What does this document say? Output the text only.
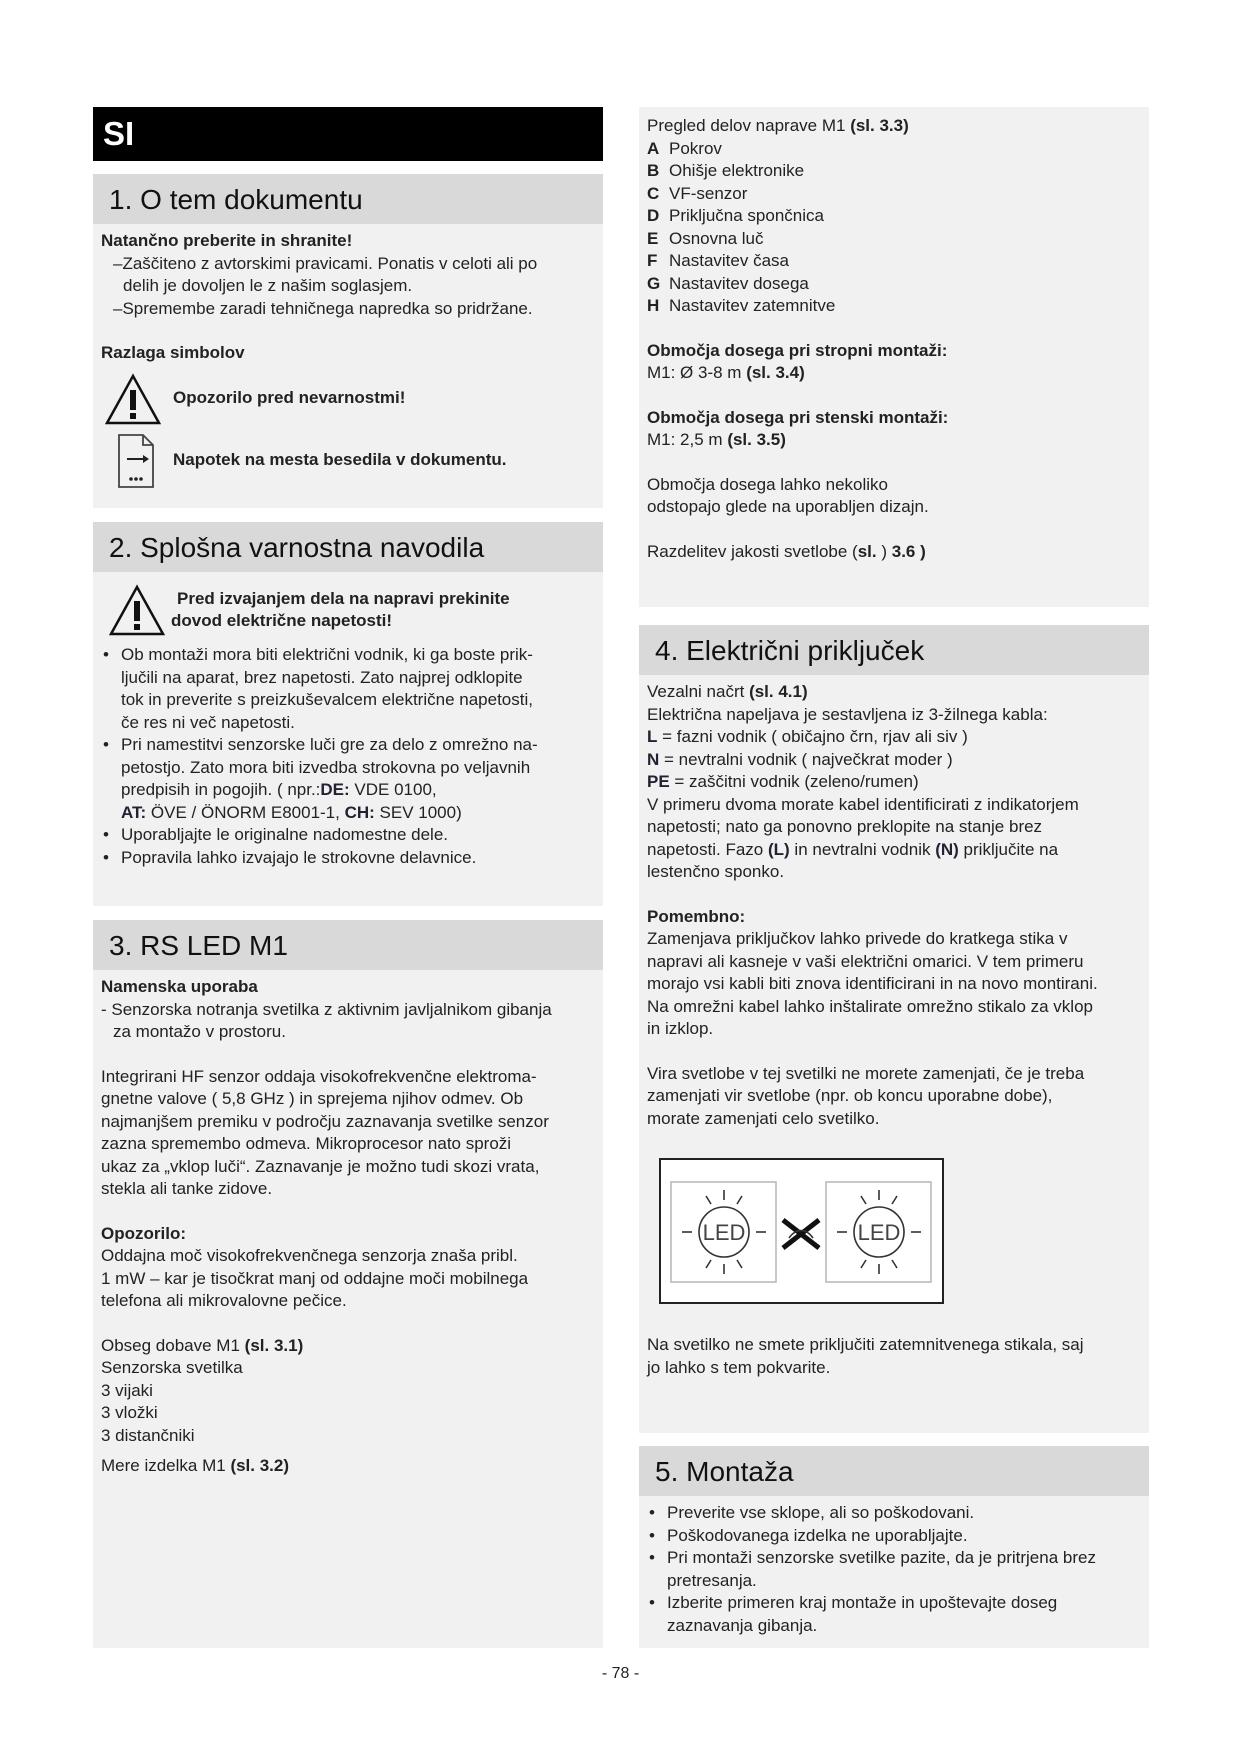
SI
1. O tem dokumentu

Natančno preberite in shranite!

–Zaščiteno z avtorskimi pravicami. Ponatis v celoti ali po

delih je dovoljen le z našim soglasjem.

–Spremembe zaradi tehničnega napredka so pridržane.

Razlaga simbolov

Opozorilo pred nevarnostmi!
Napotek na mesta besedila v dokumentu.
2. Splošna varnostna navodila

Pred izvajanjem dela na napravi prekinite

dovod električne napetosti!

• Ob montaži mora biti električni vodnik, ki ga boste prik-
ljučili na aparat, brez napetosti. Zato najprej odklopite
tok in preverite s preizkuševalcem električne napetosti,
če res ni več napetosti.
• Pri namestitvi senzorske luči gre za delo z omrežno na-
petostjo. Zato mora biti izvedba strokovna po veljavnih
predpisih in pogojih. ( npr.:DE: VDE 0100,
AT: ÖVE / ÖNORM E8001-1, CH: SEV 1000)
• Uporabljajte le originalne nadomestne dele.
• Popravila lahko izvajajo le strokovne delavnice.
3. RS LED M1

Namenska uporaba

- Senzorska notranja svetilka z aktivnim javljalnikom gibanja

za montažo v prostoru.

Integrirani HF senzor oddaja visokofrekvenčne elektroma-

gnetne valove ( 5,8 GHz ) in sprejema njihov odmev. Ob

najmanjšem premiku v področju zaznavanja svetilke senzor

zazna spremembo odmeva. Mikroprocesor nato sproži

ukaz za „vklop luči“. Zaznavanje je možno tudi skozi vrata,

stekla ali tanke zidove.

Opozorilo:

Oddajna moč visokofrekvenčnega senzorja znaša pribl.

1 mW – kar je tisočkrat manj od oddajne moči mobilnega

telefona ali mikrovalovne pečice.

Obseg dobave M1 (sl. 3.1)

Senzorska svetilka

3 vijaki

3 vložki

3 distančniki

Mere izdelka M1 (sl. 3.2)

Pregled delov naprave M1 (sl. 3.3)

A Pokrov
B Ohišje elektronike
C VF-senzor
D Priključna spončnica
E Osnovna luč
F Nastavitev časa
G Nastavitev dosega
H Nastavitev zatemnitve

Območja dosega pri stropni montaži:

M1: Ø 3-8 m (sl. 3.4)

Območja dosega pri stenski montaži:

M1: 2,5 m (sl. 3.5)

Območja dosega lahko nekoliko

odstopajo glede na uporabljen dizajn.

Razdelitev jakosti svetlobe (sl. ) 3.6 )

4. Električni priključek

Vezalni načrt (sl. 4.1)

Električna napeljava je sestavljena iz 3-žilnega kabla:

L = fazni vodnik ( običajno črn, rjav ali siv )

N = nevtralni vodnik ( največkrat moder )

PE = zaščitni vodnik (zeleno/rumen)

V primeru dvoma morate kabel identificirati z indikatorjem

napetosti; nato ga ponovno preklopite na stanje brez

napetosti. Fazo (L) in nevtralni vodnik (N) priključite na

lestenčno sponko.

Pomembno:

Zamenjava priključkov lahko privede do kratkega stika v

napravi ali kasneje v vaši električni omarici. V tem primeru

morajo vsi kabli biti znova identificirani in na novo montirani.

Na omrežni kabel lahko inštalirate omrežno stikalo za vklop

in izklop.

Vira svetlobe v tej svetilki ne morete zamenjati, če je treba

zamenjati vir svetlobe (npr. ob koncu uporabne dobe),

morate zamenjati celo svetilko.

LED	LED

Na svetilko ne smete priključiti zatemnitvenega stikala, saj

jo lahko s tem pokvarite.

5. Montaža
• Preverite vse sklope, ali so poškodovani.
• Poškodovanega izdelka ne uporabljajte.
• Pri montaži senzorske svetilke pazite, da je pritrjena brez
pretresanja.
• Izberite primeren kraj montaže in upoštevajte doseg
zaznavanja gibanja.
- 78 -
